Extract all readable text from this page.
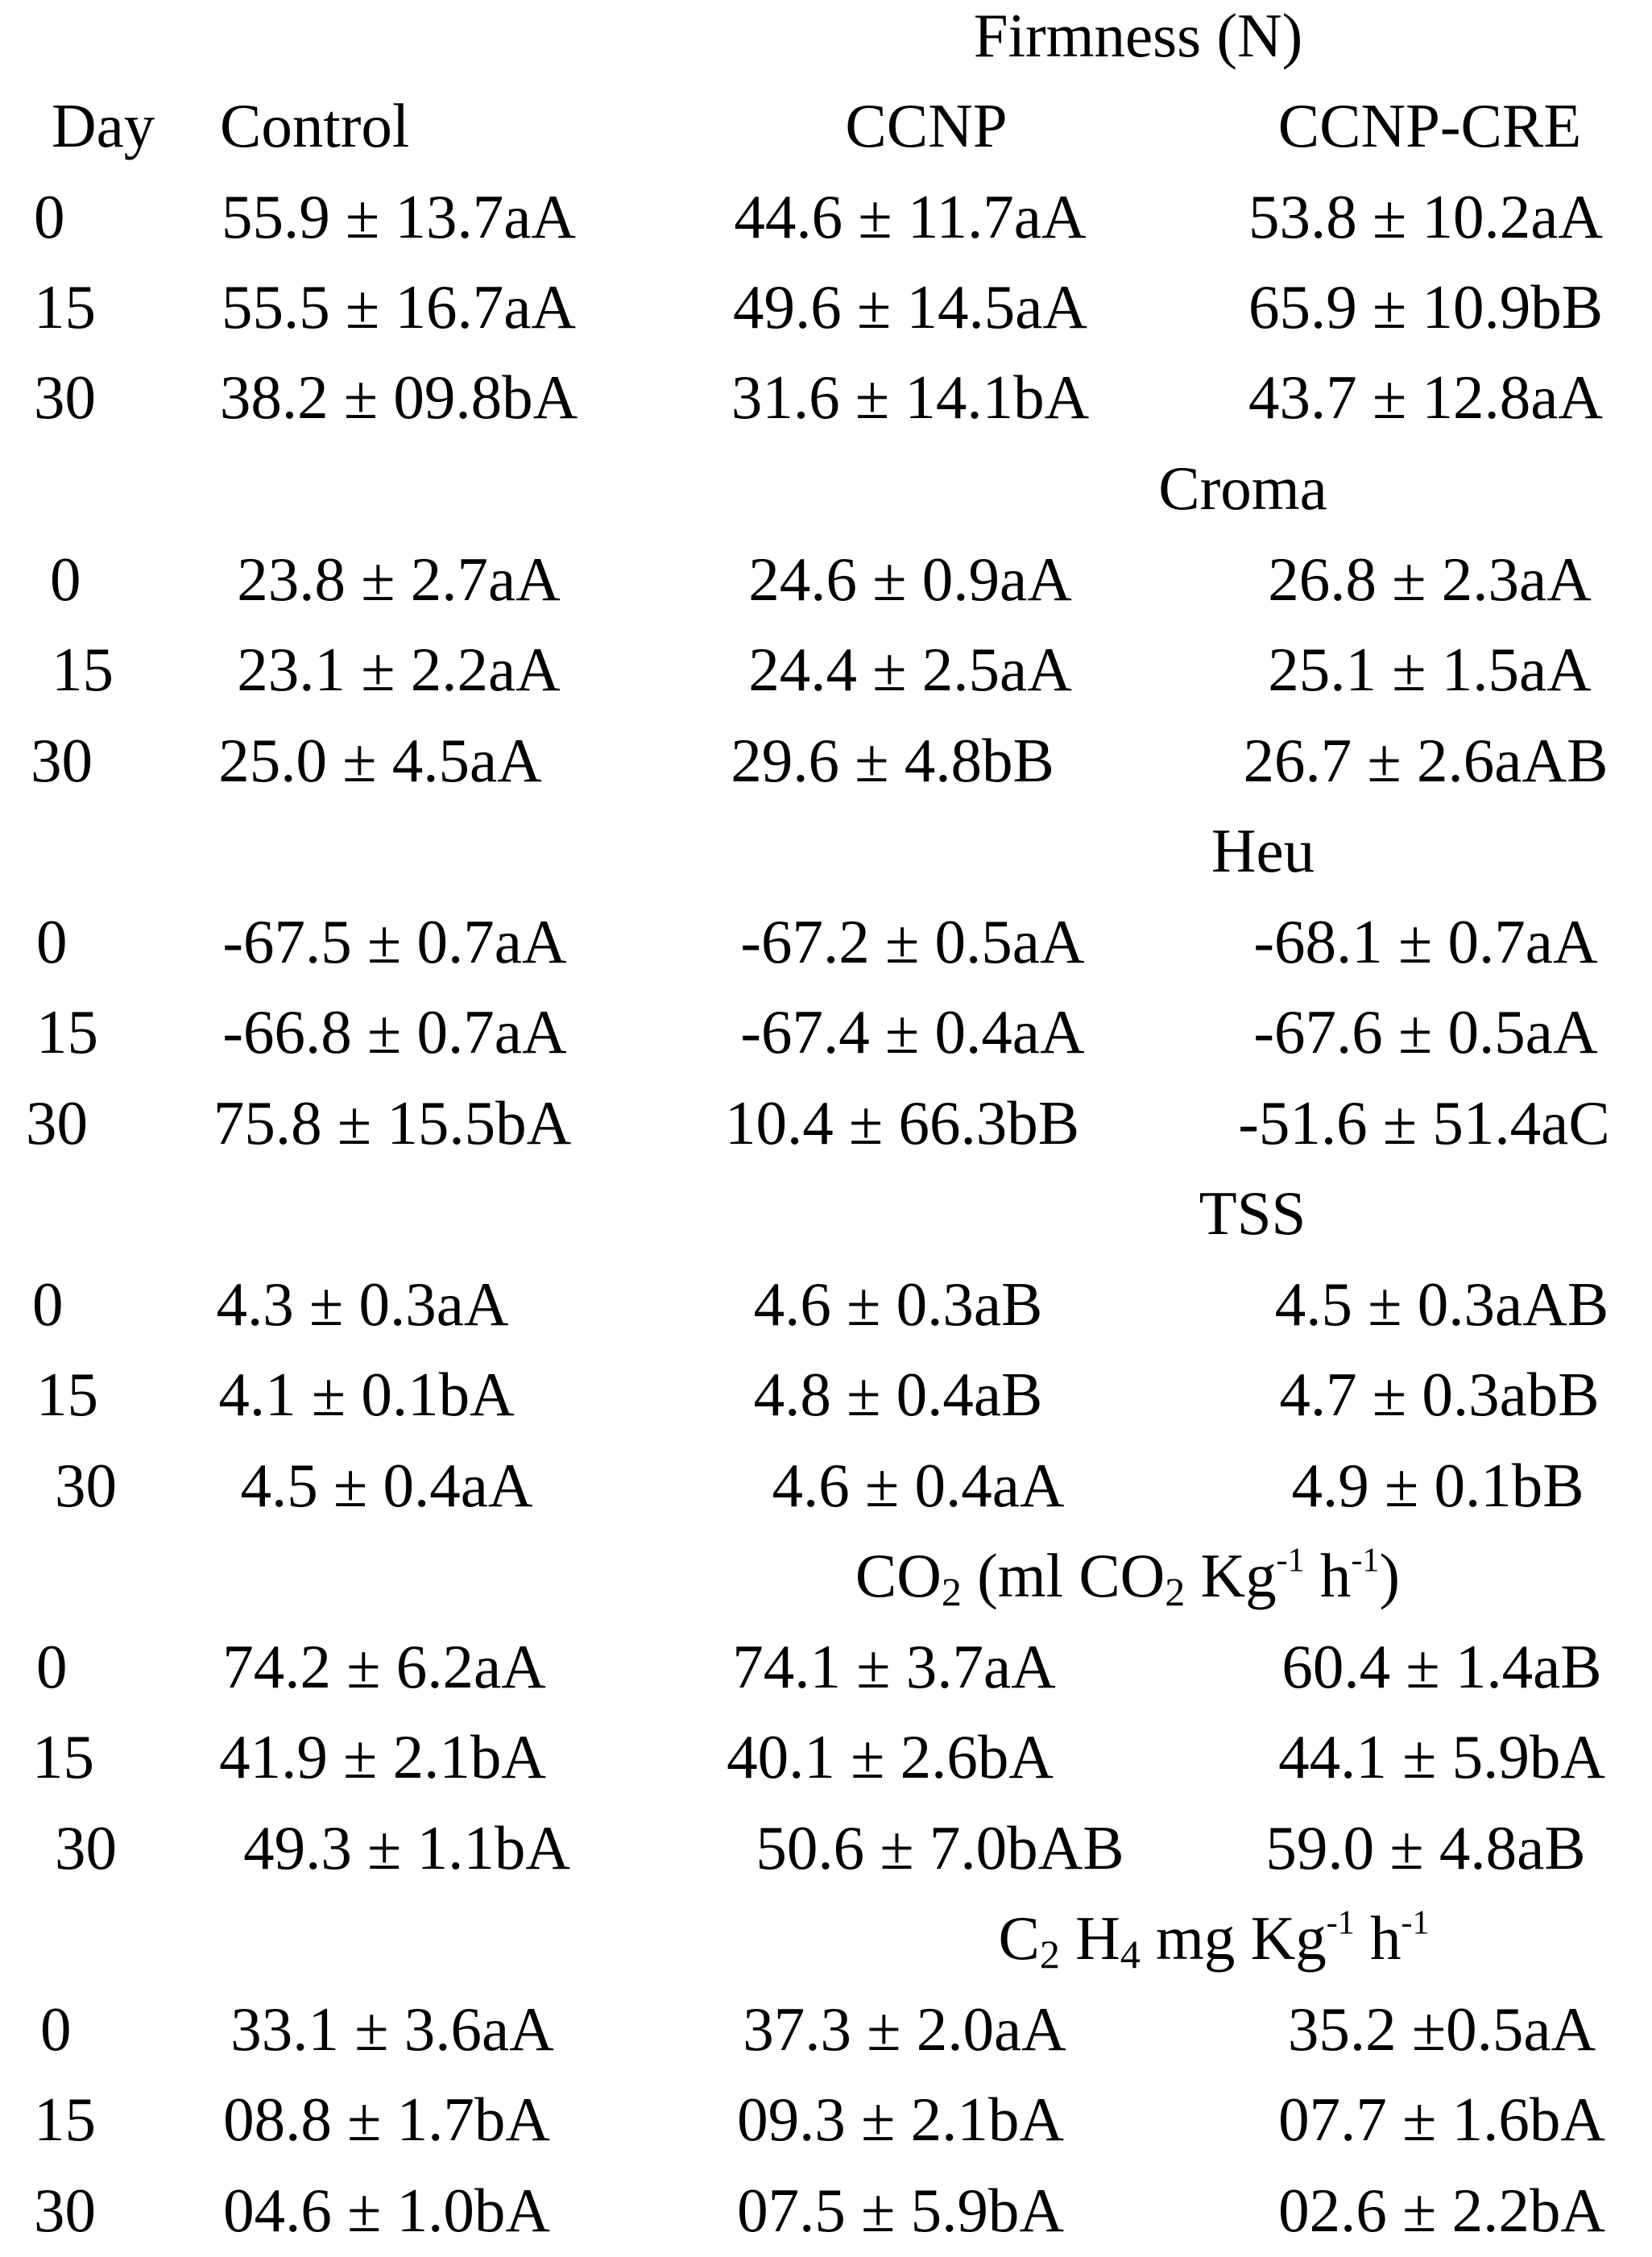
Firmness (N)
Day Control	CCNP	CCNP-CRE
0	55.9 ± 13.7aA	44.6 ± 11.7aA	53.8 ± 10.2aA
15 55.5 ± 16.7aA	49.6 ± 14.5aA	65.9 ± 10.9bB
30 38.2 ± 09.8bA 31.6 ± 14.1bA	43.7 ± 12.8aA
Croma
0	23.8 ± 2.7aA	24.6 ± 0.9aA	26.8 ± 2.3aA
15 23.1 ± 2.2aA	24.4 ± 2.5aA	25.1 ± 1.5aA
30 25.0 ± 4.5aA	29.6 ± 4.8bB	26.7 ± 2.6aAB
Heu
0	-67.5 ± 0.7aA	-67.2 ± 0.5aA	-68.1 ± 0.7aA
15 -66.8 ± 0.7aA	-67.4 ± 0.4aA	-67.6 ± 0.5aA
30 75.8 ± 15.5bA 10.4 ± 66.3bB	-51.6 ± 51.4aC
TSS
0 4.3 ± 0.3aA	4.6 ± 0.3aB	4.5 ± 0.3aAB
15 4.1 ± 0.1bA	4.8 ± 0.4aB	4.7 ± 0.3abB
30 4.5 ± 0.4aA	4.6 ± 0.4aA	4.9 ± 0.1bB
$CO_2$ (ml $CO_2$ $Kg^{-1}$ $h^{-1}$)
0	74.2 ± 6.2aA	74.1 ± 3.7aA	60.4 ± 1.4aB
15 41.9 ± 2.1bA	40.1 ± 2.6bA	44.1 ± 5.9bA
30 49.3 ± 1.1bA	50.6 ± 7.0bAB 59.0 ± 4.8aB
$C_2$ $H_4$ mg $Kg^{-1}$ $h^{-1}$
0	33.1 ± 3.6aA	37.3 ± 2.0aA	35.2 ±0.5aA
15 08.8 ± 1.7bA	09.3 ± 2.1bA	07.7 ± 1.6bA
30 04.6 ± 1.0bA	07.5 ± 5.9bA	02.6 ± 2.2bA
